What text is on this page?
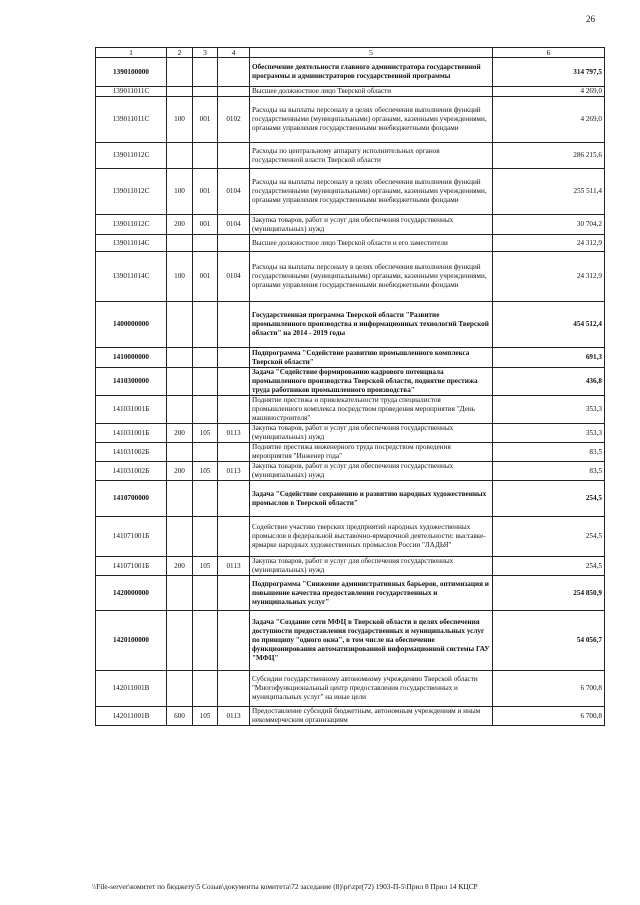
26
1	2	3	4	5	6
1390100000				Обеспечение деятельности главного администратора государственной программы и администраторов государственной программы	314 797,5
139011011С				Высшее должностное лицо Тверской области	4 269,0
139011011С	100	001	0102	Расходы на выплаты персоналу в целях обеспечения выполнения функций государственными (муниципальными) органами, казенными учреждениями, органами управления государственными внебюджетными фондами	4 269,0
139011012С				Расходы по центральному аппарату исполнительных органов государственной власти Тверской области	286 215,6
139011012С	100	001	0104	Расходы на выплаты персоналу в целях обеспечения выполнения функций государственными (муниципальными) органами, казенными учреждениями, органами управления государственными внебюджетными фондами	255 511,4
139011012С	200	001	0104	Закупка товаров, работ и услуг для обеспечения государственных (муниципальных) нужд	30 704,2
139011014С				Высшее должностное лицо Тверской области и его заместители	24 312,9
139011014С	100	001	0104	Расходы на выплаты персоналу в целях обеспечения выполнения функций государственными (муниципальными) органами, казенными учреждениями, органами управления государственными внебюджетными фондами	24 312,9
1400000000				Государственная программа Тверской области "Развитие промышленного производства и информационных технологий Тверской области" на 2014 - 2019 годы	454 512,4
1410000000				Подпрограмма "Содействие развитию промышленного комплекса Тверской области"	691,3
1410300000				Задача "Содействие формированию кадрового потенциала промышленного производства Тверской области, поднятие престижа труда работников промышленного производства"	436,8
141031001Б				Поднятие престижа и привлекательности труда специалистов промышленного комплекса посредством проведения мероприятия "День машиностроителя"	353,3
141031001Б	200	105	0113	Закупка товаров, работ и услуг для обеспечения государственных (муниципальных) нужд	353,3
141031002Б				Поднятие престижа инженерного труда посредством проведения мероприятия "Инженер года"	83,5
141031002Б	200	105	0113	Закупка товаров, работ и услуг для обеспечения государственных (муниципальных) нужд	83,5
1410700000				Задача "Содействие сохранению и развитию народных художественных промыслов в Тверской области"	254,5
141071001Б				Содействие участию тверских предприятий народных художественных промыслов в федеральной выставочно-ярмарочной деятельности: выставке-ярмарке народных художественных промыслов России "ЛАДЬЯ"	254,5
141071001Б	200	105	0113	Закупка товаров, работ и услуг для обеспечения государственных (муниципальных) нужд	254,5
1420000000				Подпрограмма "Снижение административных барьеров, оптимизация и повышение качества предоставления государственных и муниципальных услуг"	254 850,9
1420100000				Задача "Создание сети МФЦ в Тверской области в целях обеспечения доступности предоставления государственных и муниципальных услуг по принципу "одного окна", в том числе на обеспечение функционирования автоматизированной информационной системы ГАУ "МФЦ"	54 056,7
142011001В				Субсидии государственному автономному учреждению Тверской области "Многофункциональный центр предоставления государственных и муниципальных услуг" на иные цели	6 700,8
142011001В	600	105	0113	Предоставление субсидий бюджетным, автономным учреждениям и иным некоммерческим организациям	6 700,8
\\File-server\комитет по бюджету\5 Созыв\документы комитета\72 заседание (8)\pr\zpr(72) 1903-П-5\Прил 8 Прил 14 КЦСР
